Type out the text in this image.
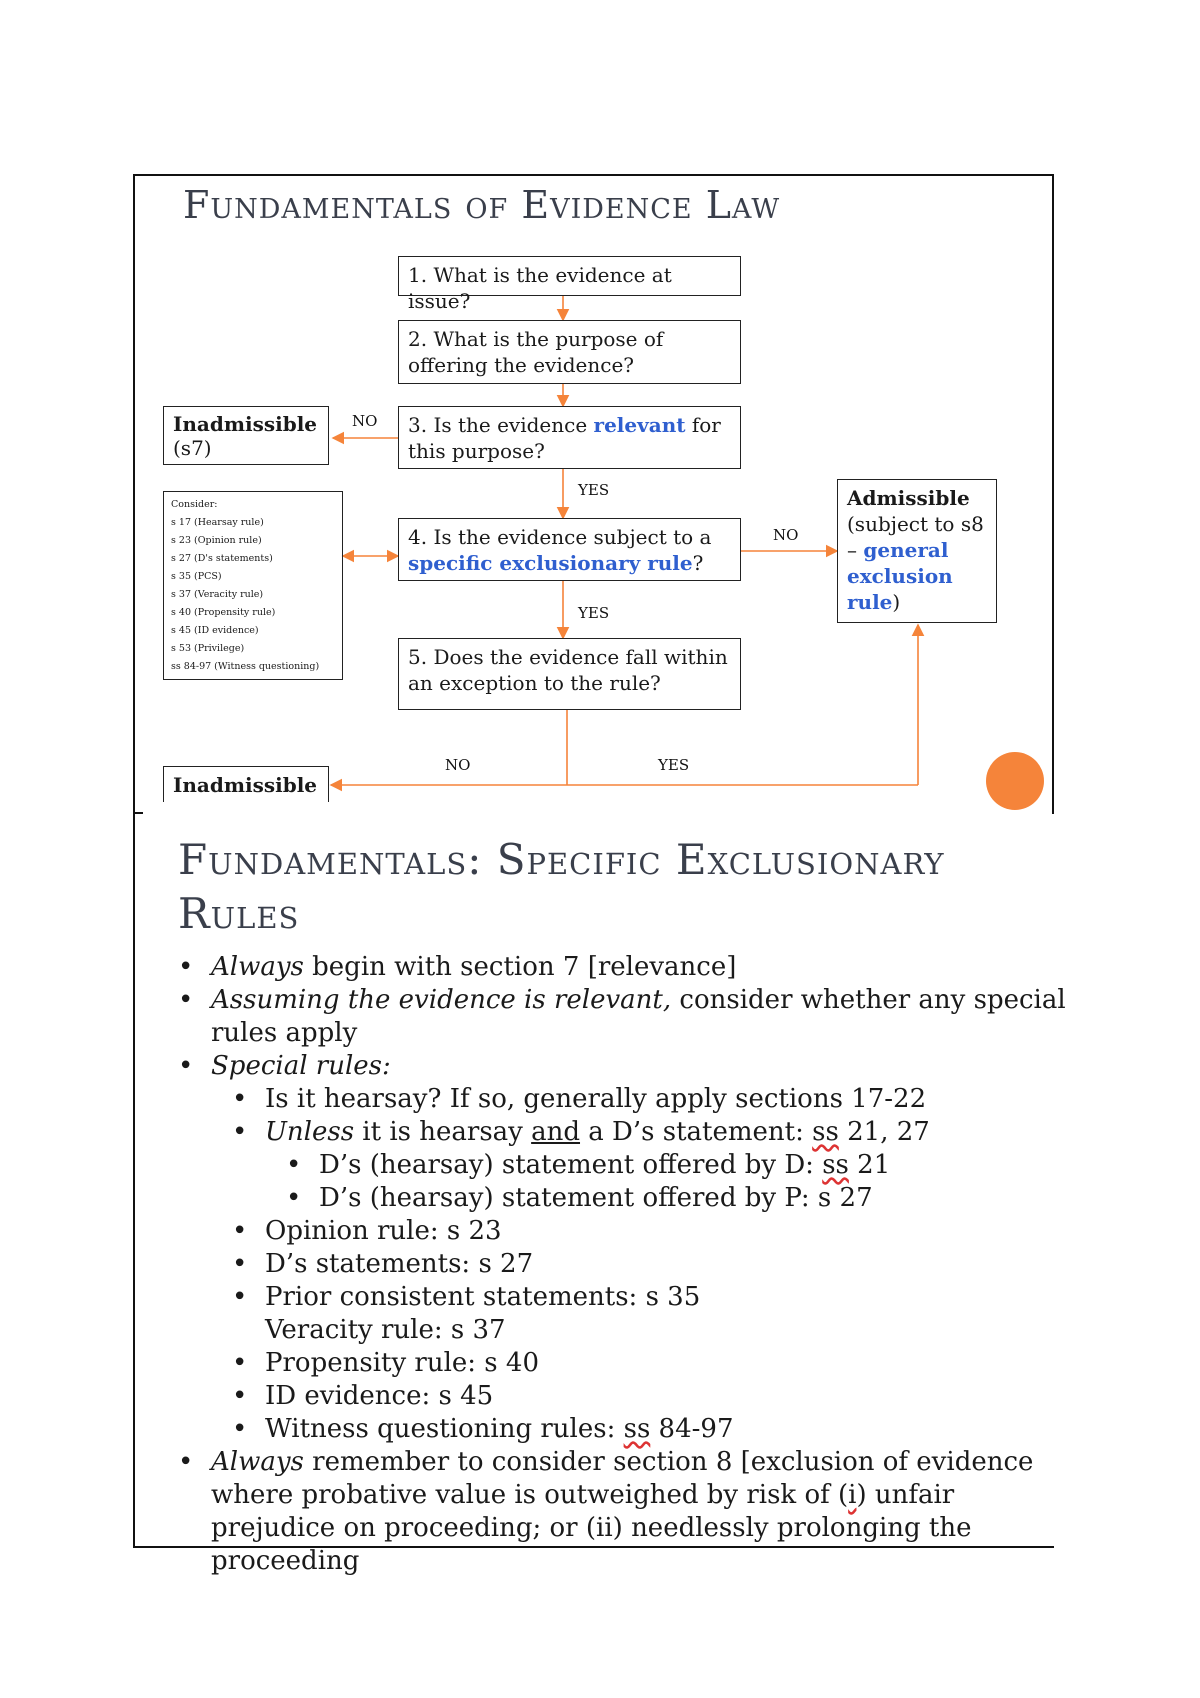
Fundamentals of Evidence Law
1. What is the evidence at issue?
2. What is the purpose of offering the evidence?
3. Is the evidence relevant for this purpose?
4. Is the evidence subject to a specific exclusionary rule?
5. Does the evidence fall within an exception to the rule?
Inadmissible
(s7)
Admissible
(subject to s8 – general exclusion rule)
Inadmissible
Consider:
s 17 (Hearsay rule)
s 23 (Opinion rule)
s 27 (D's statements)
s 35 (PCS)
s 37 (Veracity rule)
s 40 (Propensity rule)
s 45 (ID evidence)
s 53 (Privilege)
ss 84-97 (Witness questioning)
NO
YES
NO
YES
NO	YES
Fundamentals: Specific Exclusionary
Rules
• Always begin with section 7 [relevance]
• Assuming the evidence is relevant, consider whether any special rules apply
• Special rules:
• Is it hearsay? If so, generally apply sections 17-22
• Unless it is hearsay and a D’s statement: ss 21, 27
• D’s (hearsay) statement offered by D: ss 21
• D’s (hearsay) statement offered by P: s 27
• Opinion rule: s 23
• D’s statements: s 27
• Prior consistent statements: s 35
Veracity rule: s 37
• Propensity rule: s 40
• ID evidence: s 45
• Witness questioning rules: ss 84-97
• Always remember to consider section 8 [exclusion of evidence where probative value is outweighed by risk of (i) unfair prejudice on proceeding; or (ii) needlessly prolonging the proceeding
